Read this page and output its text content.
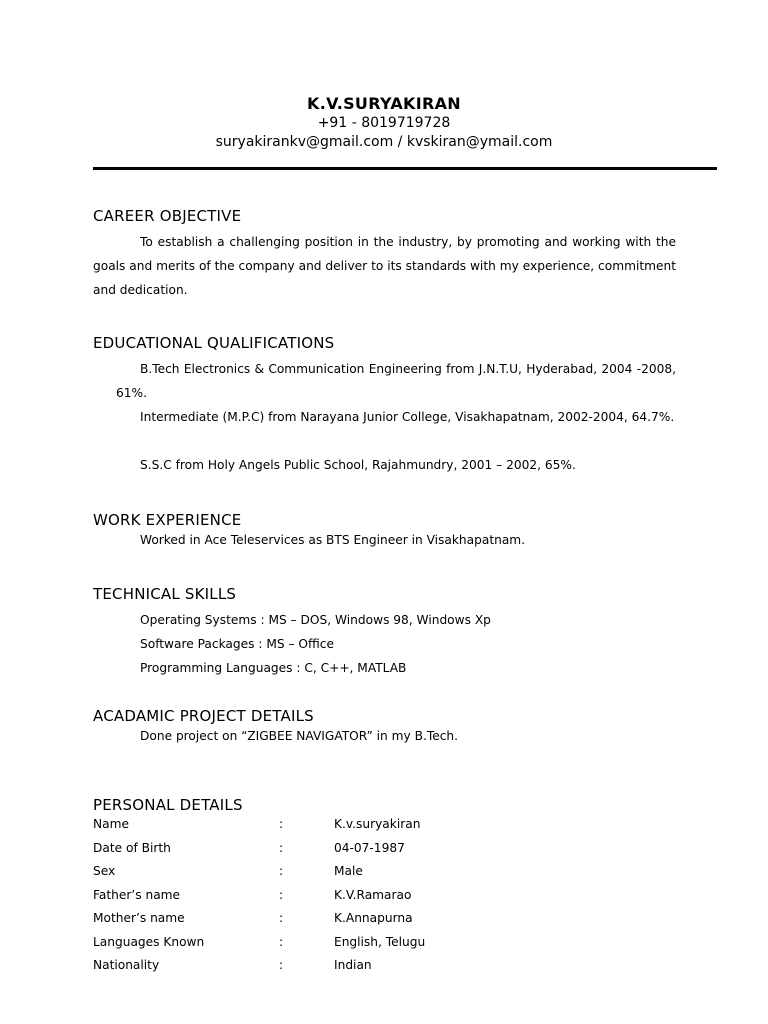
K.V.SURYAKIRAN
+91 - 8019719728
suryakirankv@gmail.com / kvskiran@ymail.com
CAREER OBJECTIVE
To establish a challenging position in the industry, by promoting and working with the goals and merits of the company and deliver to its standards with my experience, commitment and dedication.
EDUCATIONAL QUALIFICATIONS
B.Tech Electronics & Communication Engineering from J.N.T.U, Hyderabad, 2004 -2008, 61%.
Intermediate (M.P.C) from Narayana Junior College, Visakhapatnam, 2002-2004, 64.7%.
S.S.C from Holy Angels Public School, Rajahmundry, 2001 – 2002, 65%.
WORK EXPERIENCE
Worked in Ace Teleservices as BTS Engineer in Visakhapatnam.
TECHNICAL SKILLS
Operating Systems : MS – DOS, Windows 98, Windows Xp
Software Packages : MS – Office
Programming Languages : C, C++, MATLAB
ACADAMIC PROJECT DETAILS
Done project on “ZIGBEE NAVIGATOR” in my B.Tech.
PERSONAL DETAILS
Name	:	K.v.suryakiran
Date of Birth	:	04-07-1987
Sex	:	Male
Father’s name	:	K.V.Ramarao
Mother’s name	:	K.Annapurna
Languages Known	:	English, Telugu
Nationality	:	Indian
